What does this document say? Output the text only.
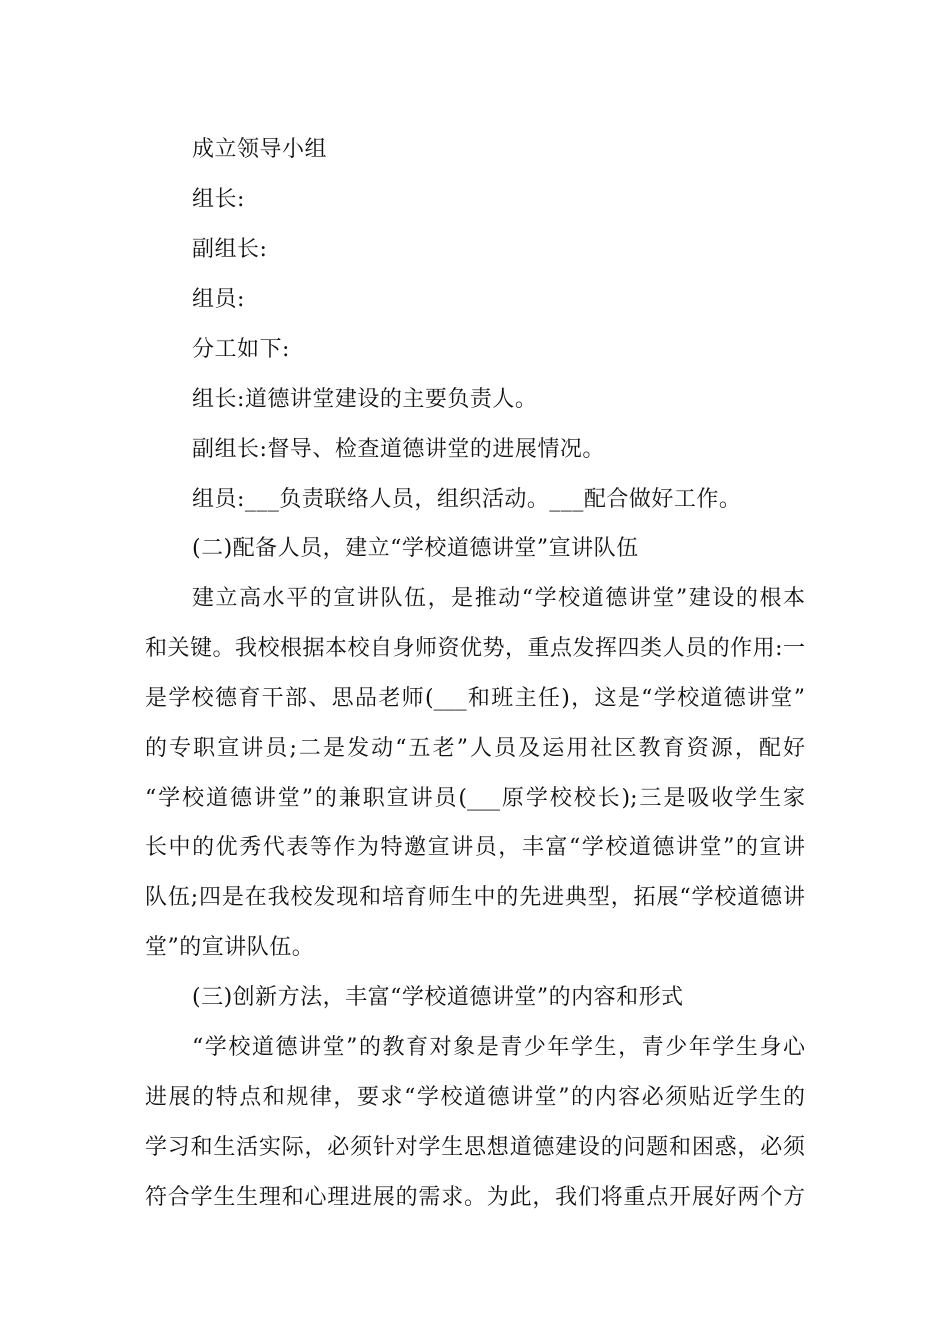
成立领导小组
组长:
副组长:
组员:
分工如下:
组长:道德讲堂建设的主要负责人。
副组长:督导、检查道德讲堂的进展情况。
组员:___负责联络人员，组织活动。___配合做好工作。
(二)配备人员，建立“学校道德讲堂”宣讲队伍
建立高水平的宣讲队伍，是推动“学校道德讲堂”建设的根本
和关键。我校根据本校自身师资优势，重点发挥四类人员的作用:一
是学校德育干部、思品老师(___和班主任)，这是“学校道德讲堂”
的专职宣讲员;二是发动“五老”人员及运用社区教育资源，配好
“学校道德讲堂”的兼职宣讲员(___原学校校长);三是吸收学生家
长中的优秀代表等作为特邀宣讲员，丰富“学校道德讲堂”的宣讲
队伍;四是在我校发现和培育师生中的先进典型，拓展“学校道德讲
堂”的宣讲队伍。
(三)创新方法，丰富“学校道德讲堂”的内容和形式
“学校道德讲堂”的教育对象是青少年学生，青少年学生身心
进展的特点和规律，要求“学校道德讲堂”的内容必须贴近学生的
学习和生活实际，必须针对学生思想道德建设的问题和困惑，必须
符合学生生理和心理进展的需求。为此，我们将重点开展好两个方
